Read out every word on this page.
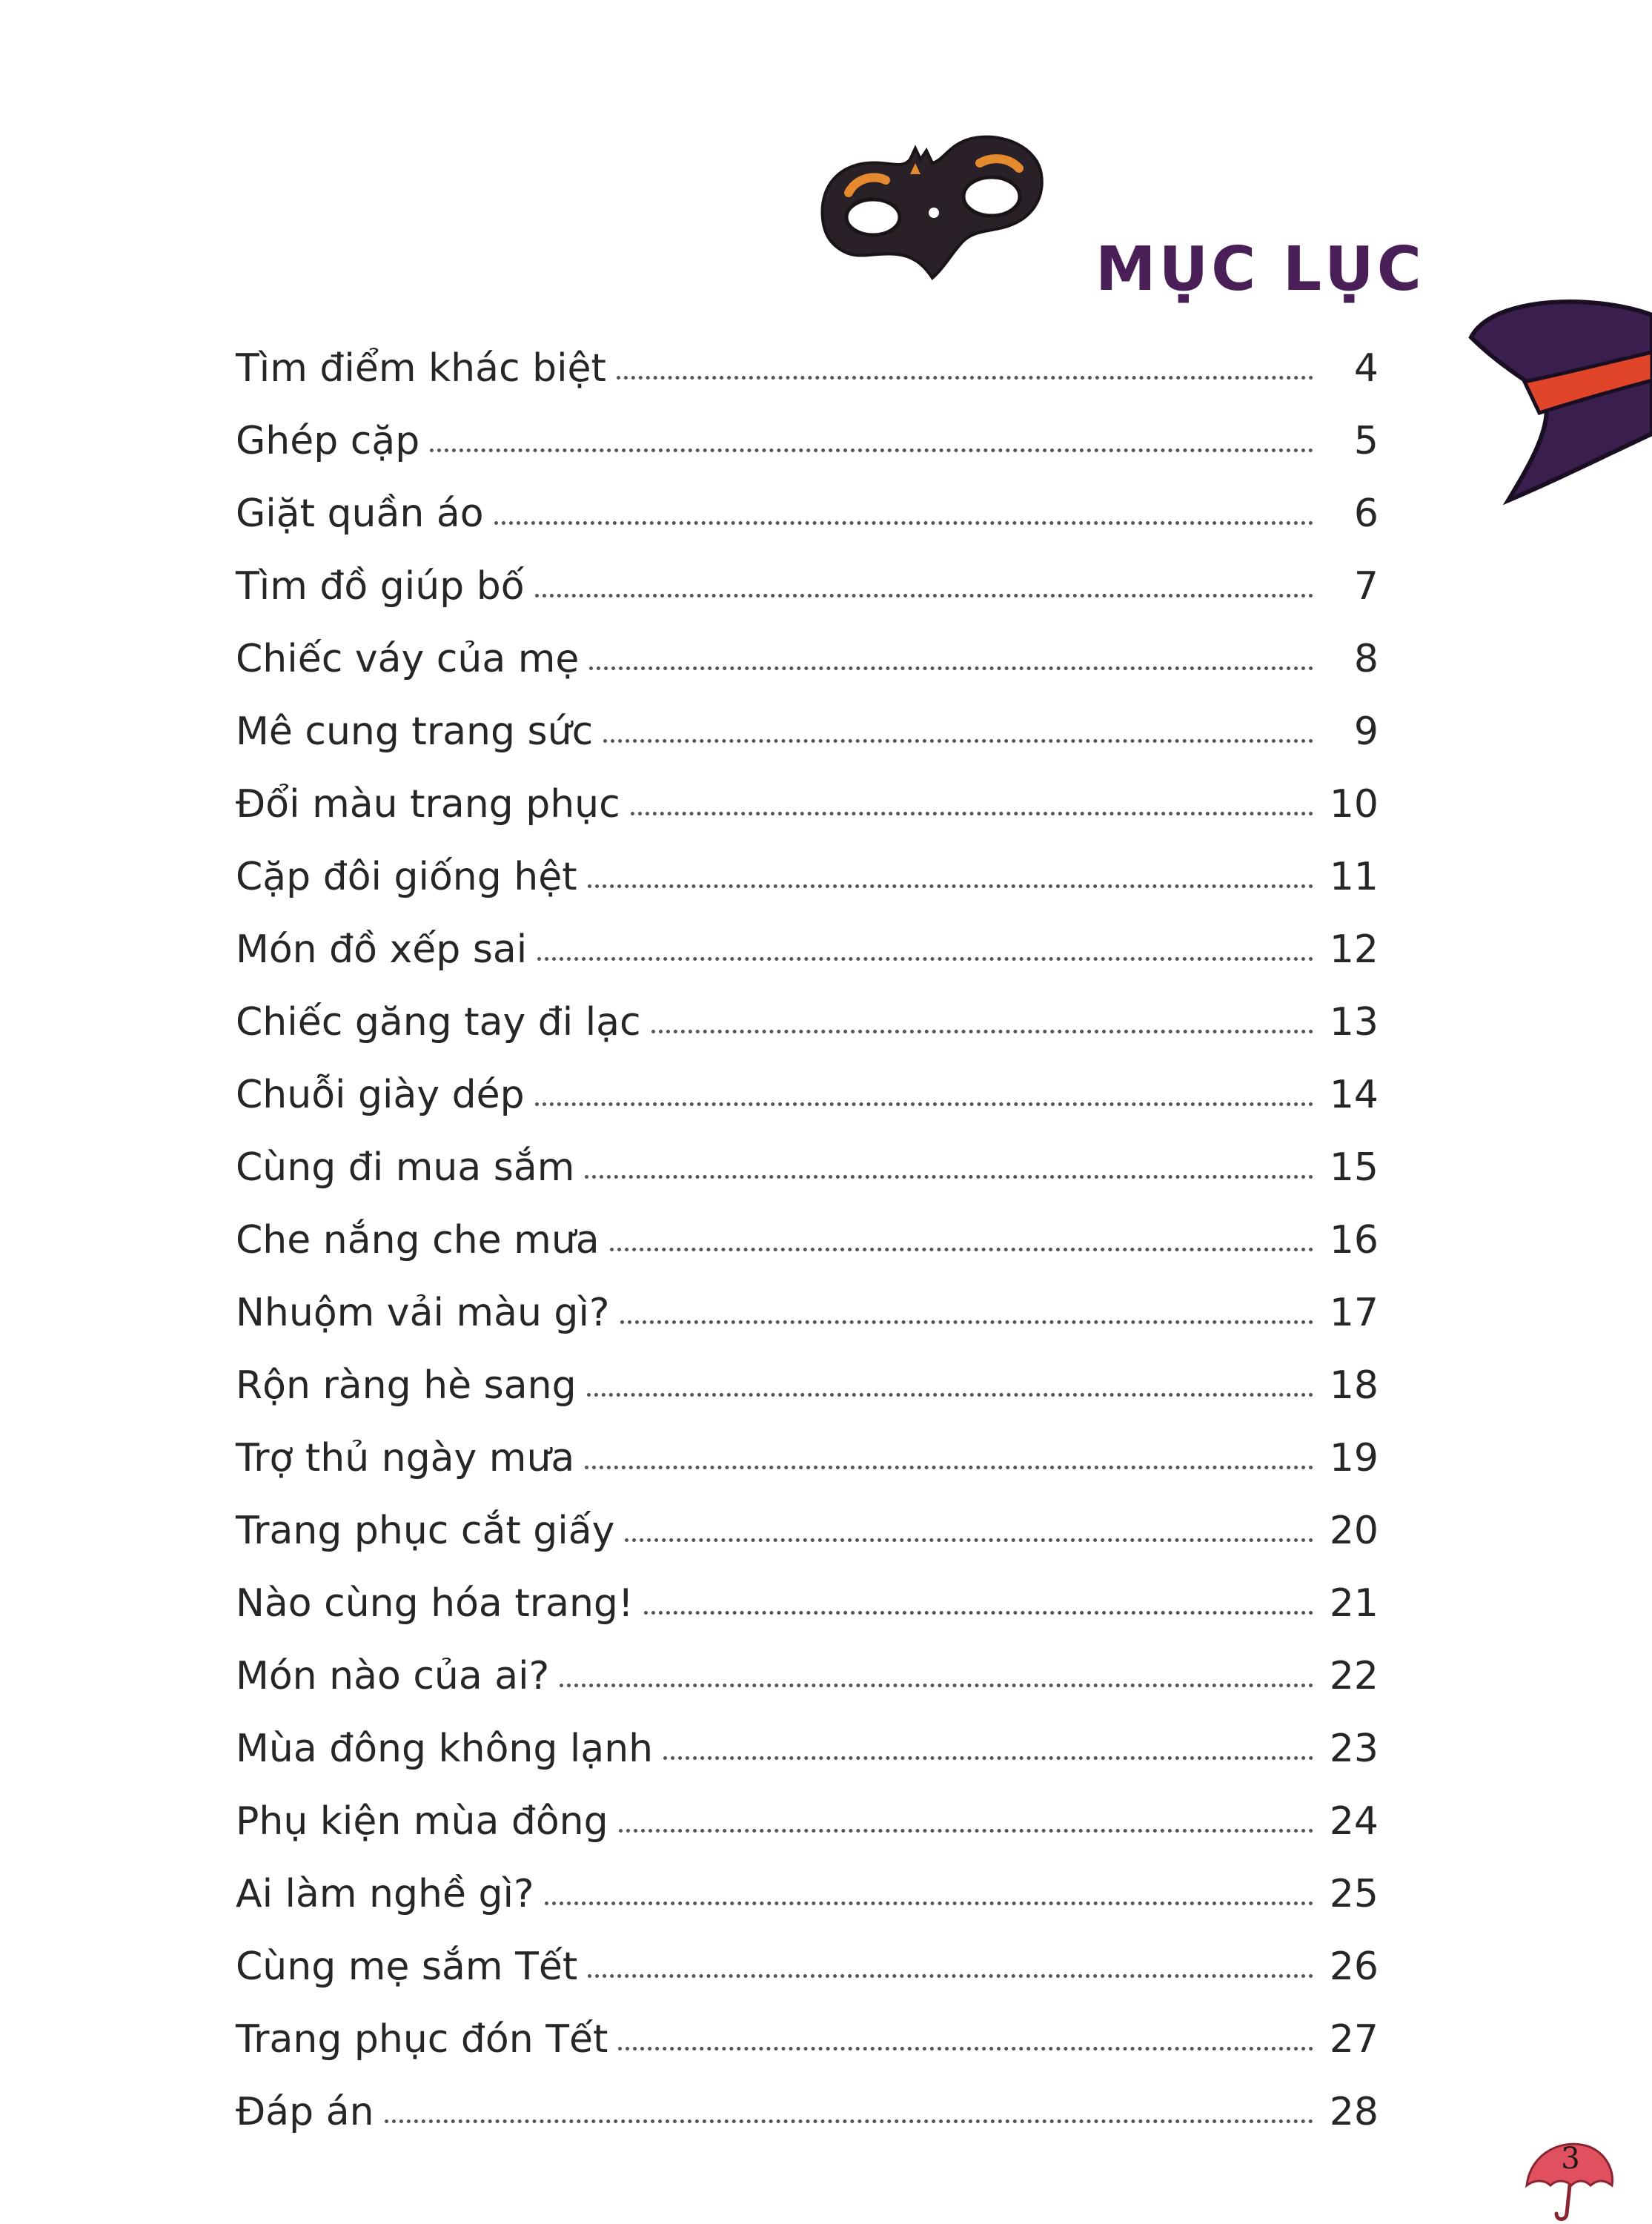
MỤC LỤC
Tìm điểm khác biệt	4
Ghép cặp	5
Giặt quần áo	6
Tìm đồ giúp bố	7
Chiếc váy của mẹ	8
Mê cung trang sức	9
Đổi màu trang phục	10
Cặp đôi giống hệt	11
Món đồ xếp sai	12
Chiếc găng tay đi lạc	13
Chuỗi giày dép	14
Cùng đi mua sắm	15
Che nắng che mưa	16
Nhuộm vải màu gì?	17
Rộn ràng hè sang	18
Trợ thủ ngày mưa	19
Trang phục cắt giấy	20
Nào cùng hóa trang!	21
Món nào của ai?	22
Mùa đông không lạnh	23
Phụ kiện mùa đông	24
Ai làm nghề gì?	25
Cùng mẹ sắm Tết	26
Trang phục đón Tết	27
Đáp án	28
3
